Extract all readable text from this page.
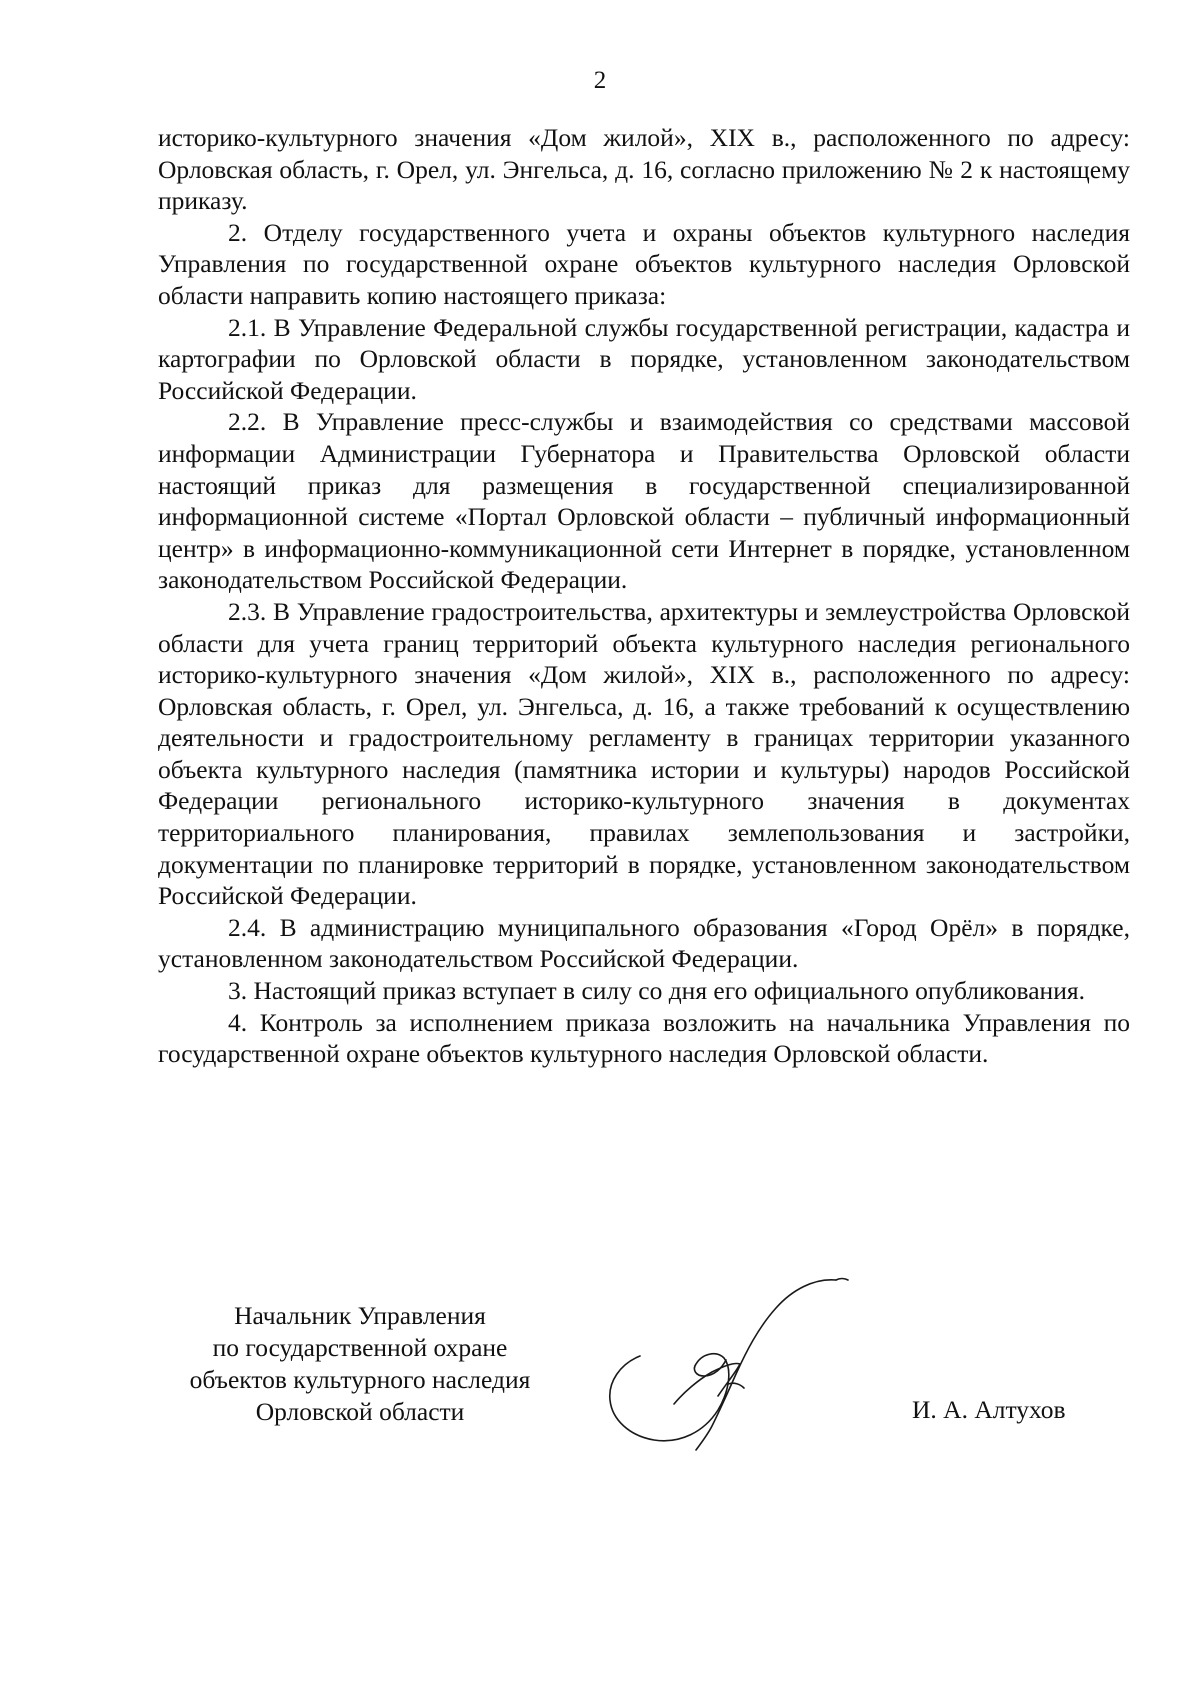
2

историко-культурного значения «Дом жилой», XIX в., расположенного по адресу: Орловская область, г. Орел, ул. Энгельса, д. 16, согласно приложению № 2 к настоящему приказу.

2. Отделу государственного учета и охраны объектов культурного наследия Управления по государственной охране объектов культурного наследия Орловской области направить копию настоящего приказа:

2.1. В Управление Федеральной службы государственной регистрации, кадастра и картографии по Орловской области в порядке, установленном законодательством Российской Федерации.

2.2. В Управление пресс-службы и взаимодействия со средствами массовой информации Администрации Губернатора и Правительства Орловской области настоящий приказ для размещения в государственной специализированной информационной системе «Портал Орловской области – публичный информационный центр» в информационно-коммуникационной сети Интернет в порядке, установленном законодательством Российской Федерации.

2.3. В Управление градостроительства, архитектуры и землеустройства Орловской области для учета границ территорий объекта культурного наследия регионального историко-культурного значения «Дом жилой», XIX в., расположенного по адресу: Орловская область, г. Орел, ул. Энгельса, д. 16, а также требований к осуществлению деятельности и градостроительному регламенту в границах территории указанного объекта культурного наследия (памятника истории и культуры) народов Российской Федерации регионального историко-культурного значения в документах территориального планирования, правилах землепользования и застройки, документации по планировке территорий в порядке, установленном законодательством Российской Федерации.

2.4. В администрацию муниципального образования «Город Орёл» в порядке, установленном законодательством Российской Федерации.

3. Настоящий приказ вступает в силу со дня его официального опубликования.

4. Контроль за исполнением приказа возложить на начальника Управления по государственной охране объектов культурного наследия Орловской области.

Начальник Управления
по государственной охране
объектов культурного наследия
Орловской области	И. А. Алтухов
